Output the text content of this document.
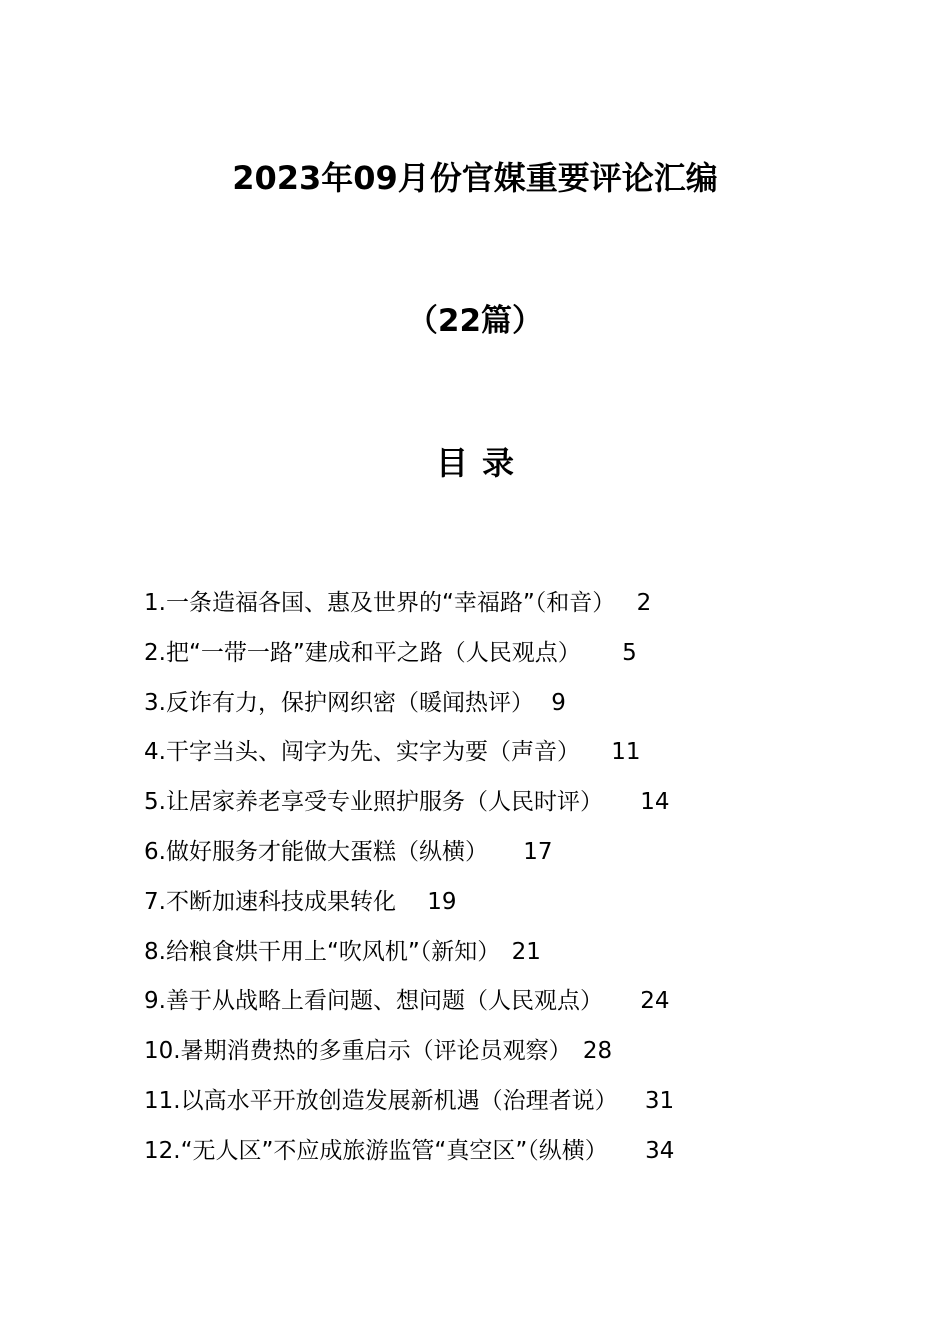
2023年09月份官媒重要评论汇编
（22篇）
目录
1.一条造福各国、惠及世界的“幸福路”（和音） 2
2.把“一带一路”建成和平之路（人民观点） 5
3.反诈有力，保护网织密（暖闻热评） 9
4.干字当头、闯字为先、实字为要（声音） 11
5.让居家养老享受专业照护服务（人民时评） 14
6.做好服务才能做大蛋糕（纵横） 17
7.不断加速科技成果转化 19
8.给粮食烘干用上“吹风机”（新知） 21
9.善于从战略上看问题、想问题（人民观点） 24
10.暑期消费热的多重启示（评论员观察） 28
11.以高水平开放创造发展新机遇（治理者说） 31
12.“无人区”不应成旅游监管“真空区”（纵横） 34
